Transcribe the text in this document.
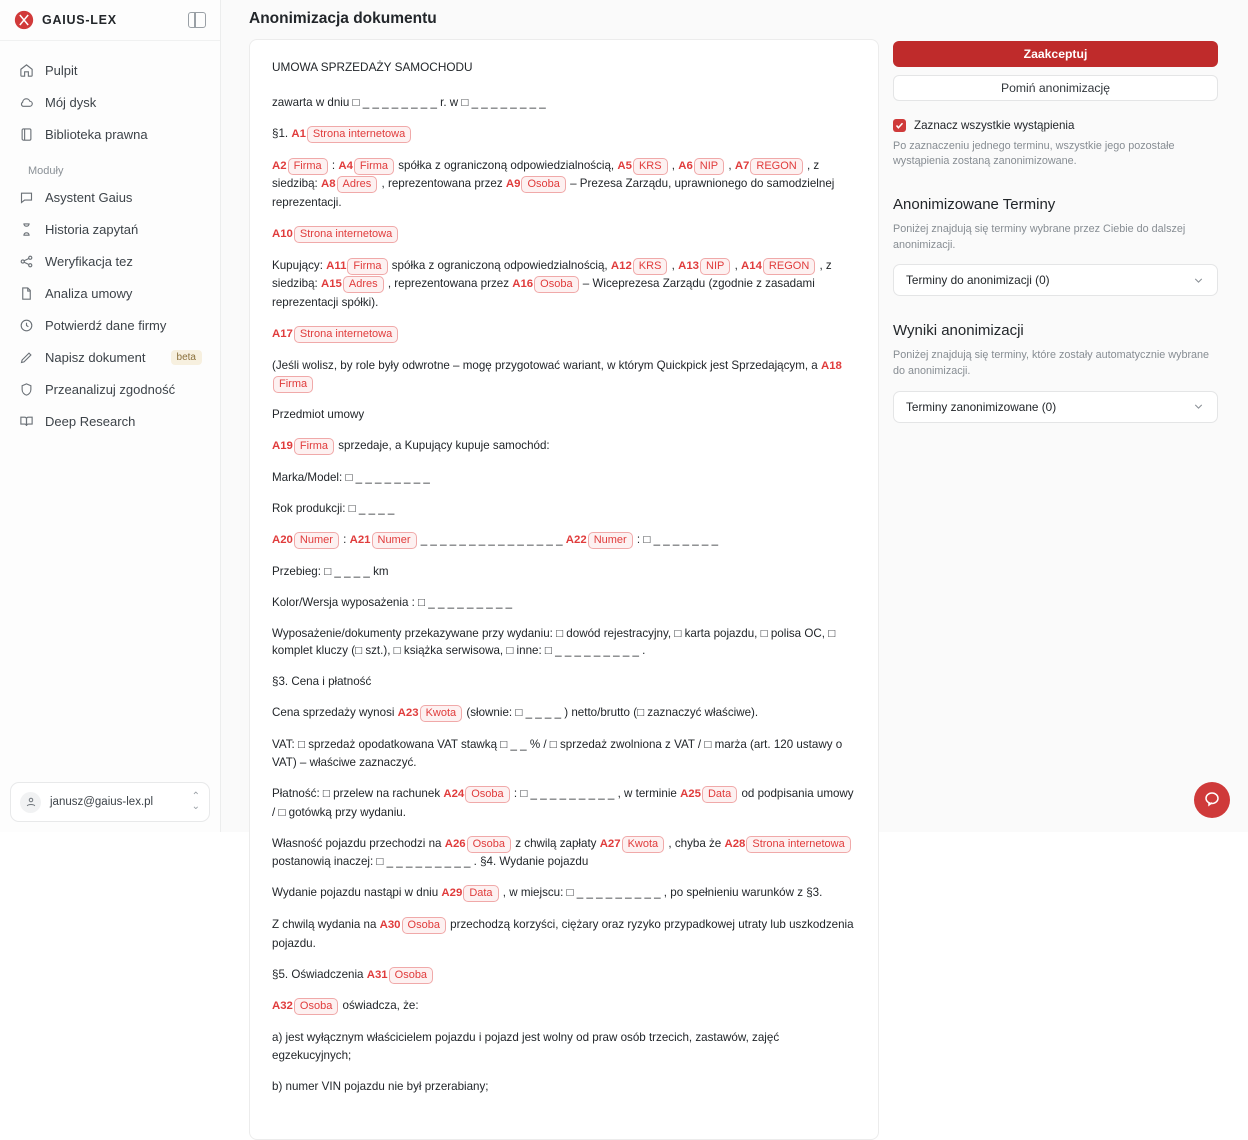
GAIUS-LEX
Pulpit
Mój dysk
Biblioteka prawna
Moduły
Asystent Gaius
Historia zapytań
Weryfikacja tez
Analiza umowy
Potwierdź dane firmy
Napisz dokument	beta
Przeanalizuj zgodność
Deep Research
janusz@gaius-lex.pl	⌃
⌄
Anonimizacja dokumentu
UMOWA SPRZEDAŻY SAMOCHODU

zawarta w dniu □ _ _ _ _ _ _ _ _ r. w □ _ _ _ _ _ _ _ _

§1. A1 Strona internetowa

A2 Firma : A4 Firma spółka z ograniczoną odpowiedzialnością, A5 KRS , A6 NIP , A7 REGON , z siedzibą: A8 Adres , reprezentowana przez A9 Osoba – Prezesa Zarządu, uprawnionego do samodzielnej reprezentacji.

A10 Strona internetowa

Kupujący: A11 Firma spółka z ograniczoną odpowiedzialnością, A12 KRS , A13 NIP , A14 REGON , z siedzibą: A15 Adres , reprezentowana przez A16 Osoba – Wiceprezesa Zarządu (zgodnie z zasadami reprezentacji spółki).

A17 Strona internetowa

(Jeśli wolisz, by role były odwrotne – mogę przygotować wariant, w którym Quickpick jest Sprzedającym, a A18Firma

Przedmiot umowy

A19 Firma sprzedaje, a Kupujący kupuje samochód:

Marka/Model: □ _ _ _ _ _ _ _ _

Rok produkcji: □ _ _ _ _

A20 Numer : A21 Numer _ _ _ _ _ _ _ _ _ _ _ _ _ _ _ A22 Numer : □ _ _ _ _ _ _ _

Przebieg: □ _ _ _ _ km

Kolor/Wersja wyposażenia : □ _ _ _ _ _ _ _ _ _

Wyposażenie/dokumenty przekazywane przy wydaniu: □ dowód rejestracyjny, □ karta pojazdu, □ polisa OC, □ komplet kluczy (□ szt.), □ książka serwisowa, □ inne: □ _ _ _ _ _ _ _ _ _ .

§3. Cena i płatność

Cena sprzedaży wynosi A23 Kwota (słownie: □ _ _ _ _ ) netto/brutto (□ zaznaczyć właściwe).

VAT: □ sprzedaż opodatkowana VAT stawką □ _ _ % / □ sprzedaż zwolniona z VAT / □ marża (art. 120 ustawy o VAT) – właściwe zaznaczyć.

Płatność: □ przelew na rachunek A24 Osoba : □ _ _ _ _ _ _ _ _ _ , w terminie A25 Data od podpisania umowy / □ gotówką przy wydaniu.

Własność pojazdu przechodzi na A26 Osoba z chwilą zapłaty A27 Kwota , chyba że A28 Strona internetowa postanowią inaczej: □ _ _ _ _ _ _ _ _ _ . §4. Wydanie pojazdu

Wydanie pojazdu nastąpi w dniu A29 Data , w miejscu: □ _ _ _ _ _ _ _ _ _ , po spełnieniu warunków z §3.

Z chwilą wydania na A30 Osoba przechodzą korzyści, ciężary oraz ryzyko przypadkowej utraty lub uszkodzenia pojazdu.

§5. Oświadczenia A31 Osoba

A32 Osoba oświadcza, że:

a) jest wyłącznym właścicielem pojazdu i pojazd jest wolny od praw osób trzecich, zastawów, zajęć egzekucyjnych;

b) numer VIN pojazdu nie był przerabiany;

Zaakceptuj
Pomiń anonimizację
Zaznacz wszystkie wystąpienia
Po zaznaczeniu jednego terminu, wszystkie jego pozostałe wystąpienia zostaną zanonimizowane.
Anonimizowane Terminy
Poniżej znajdują się terminy wybrane przez Ciebie do dalszej anonimizacji.
Terminy do anonimizacji (0)
Wyniki anonimizacji
Poniżej znajdują się terminy, które zostały automatycznie wybrane do anonimizacji.
Terminy zanonimizowane (0)
